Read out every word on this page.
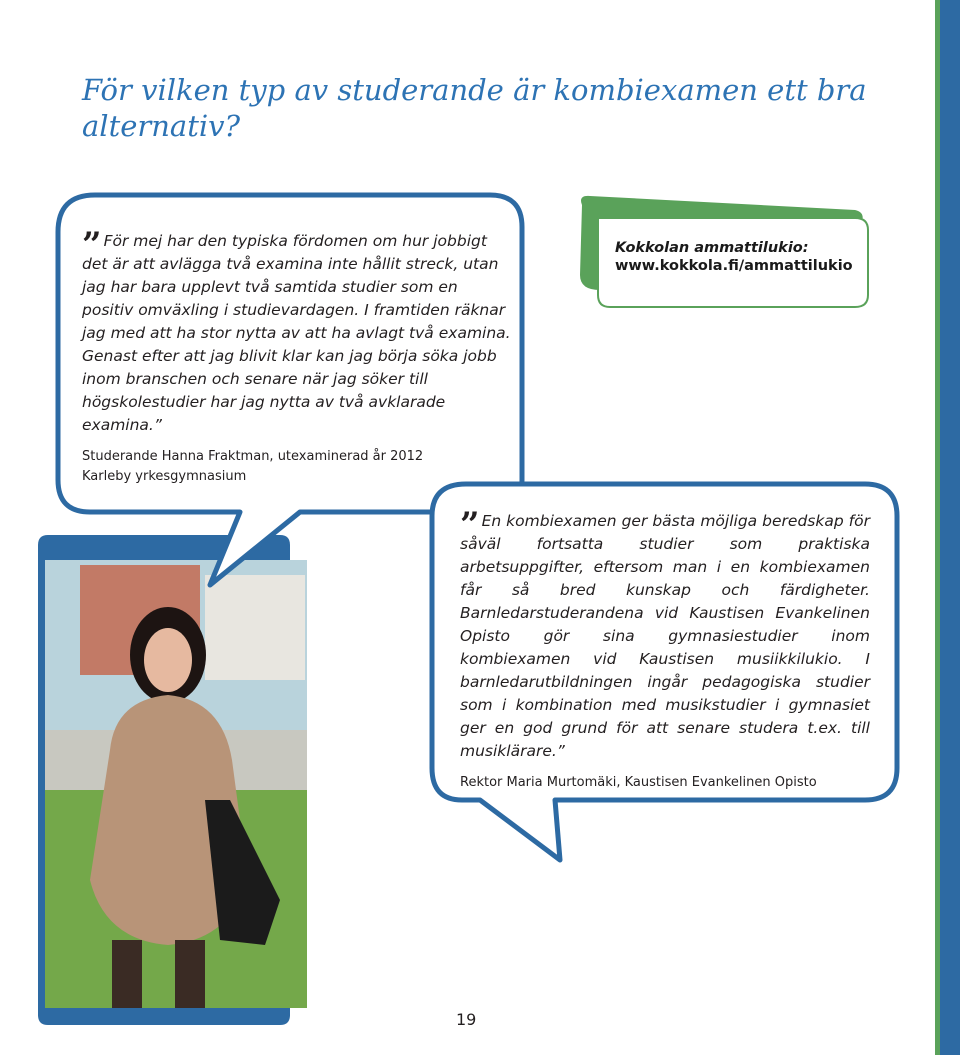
För vilken typ av studerande är kombiexamen ett bra alternativ?

” För mej har den typiska fördomen om hur jobbigt det är att avlägga två examina inte hållit streck, utan jag har bara upplevt två samtida studier som en positiv omväxling i studievardagen. I framtiden räknar jag med att ha stor nytta av att ha avlagt två examina. Genast efter att jag blivit klar kan jag börja söka jobb inom branschen och senare när jag söker till högskolestudier har jag nytta av två avklarade examina.”

Studerande Hanna Fraktman, utexaminerad år 2012
Karleby yrkesgymnasium

Kokkolan ammattilukio:

www.kokkola.fi/ammattilukio

” En kombiexamen ger bästa möjliga beredskap för såväl fortsatta studier som praktiska arbetsuppgifter, eftersom man i en kombiexamen får så bred kunskap och färdigheter. Barnledarstuderandena vid Kaustisen Evankelinen Opisto gör sina gymnasiestudier inom kombiexamen vid Kaustisen musiikkilukio. I barnledarutbildningen ingår pedagogiska studier som i kombination med musikstudier i gymnasiet ger en god grund för att senare studera t.ex. till musiklärare.”

Rektor Maria Murtomäki, Kaustisen Evankelinen Opisto

19
